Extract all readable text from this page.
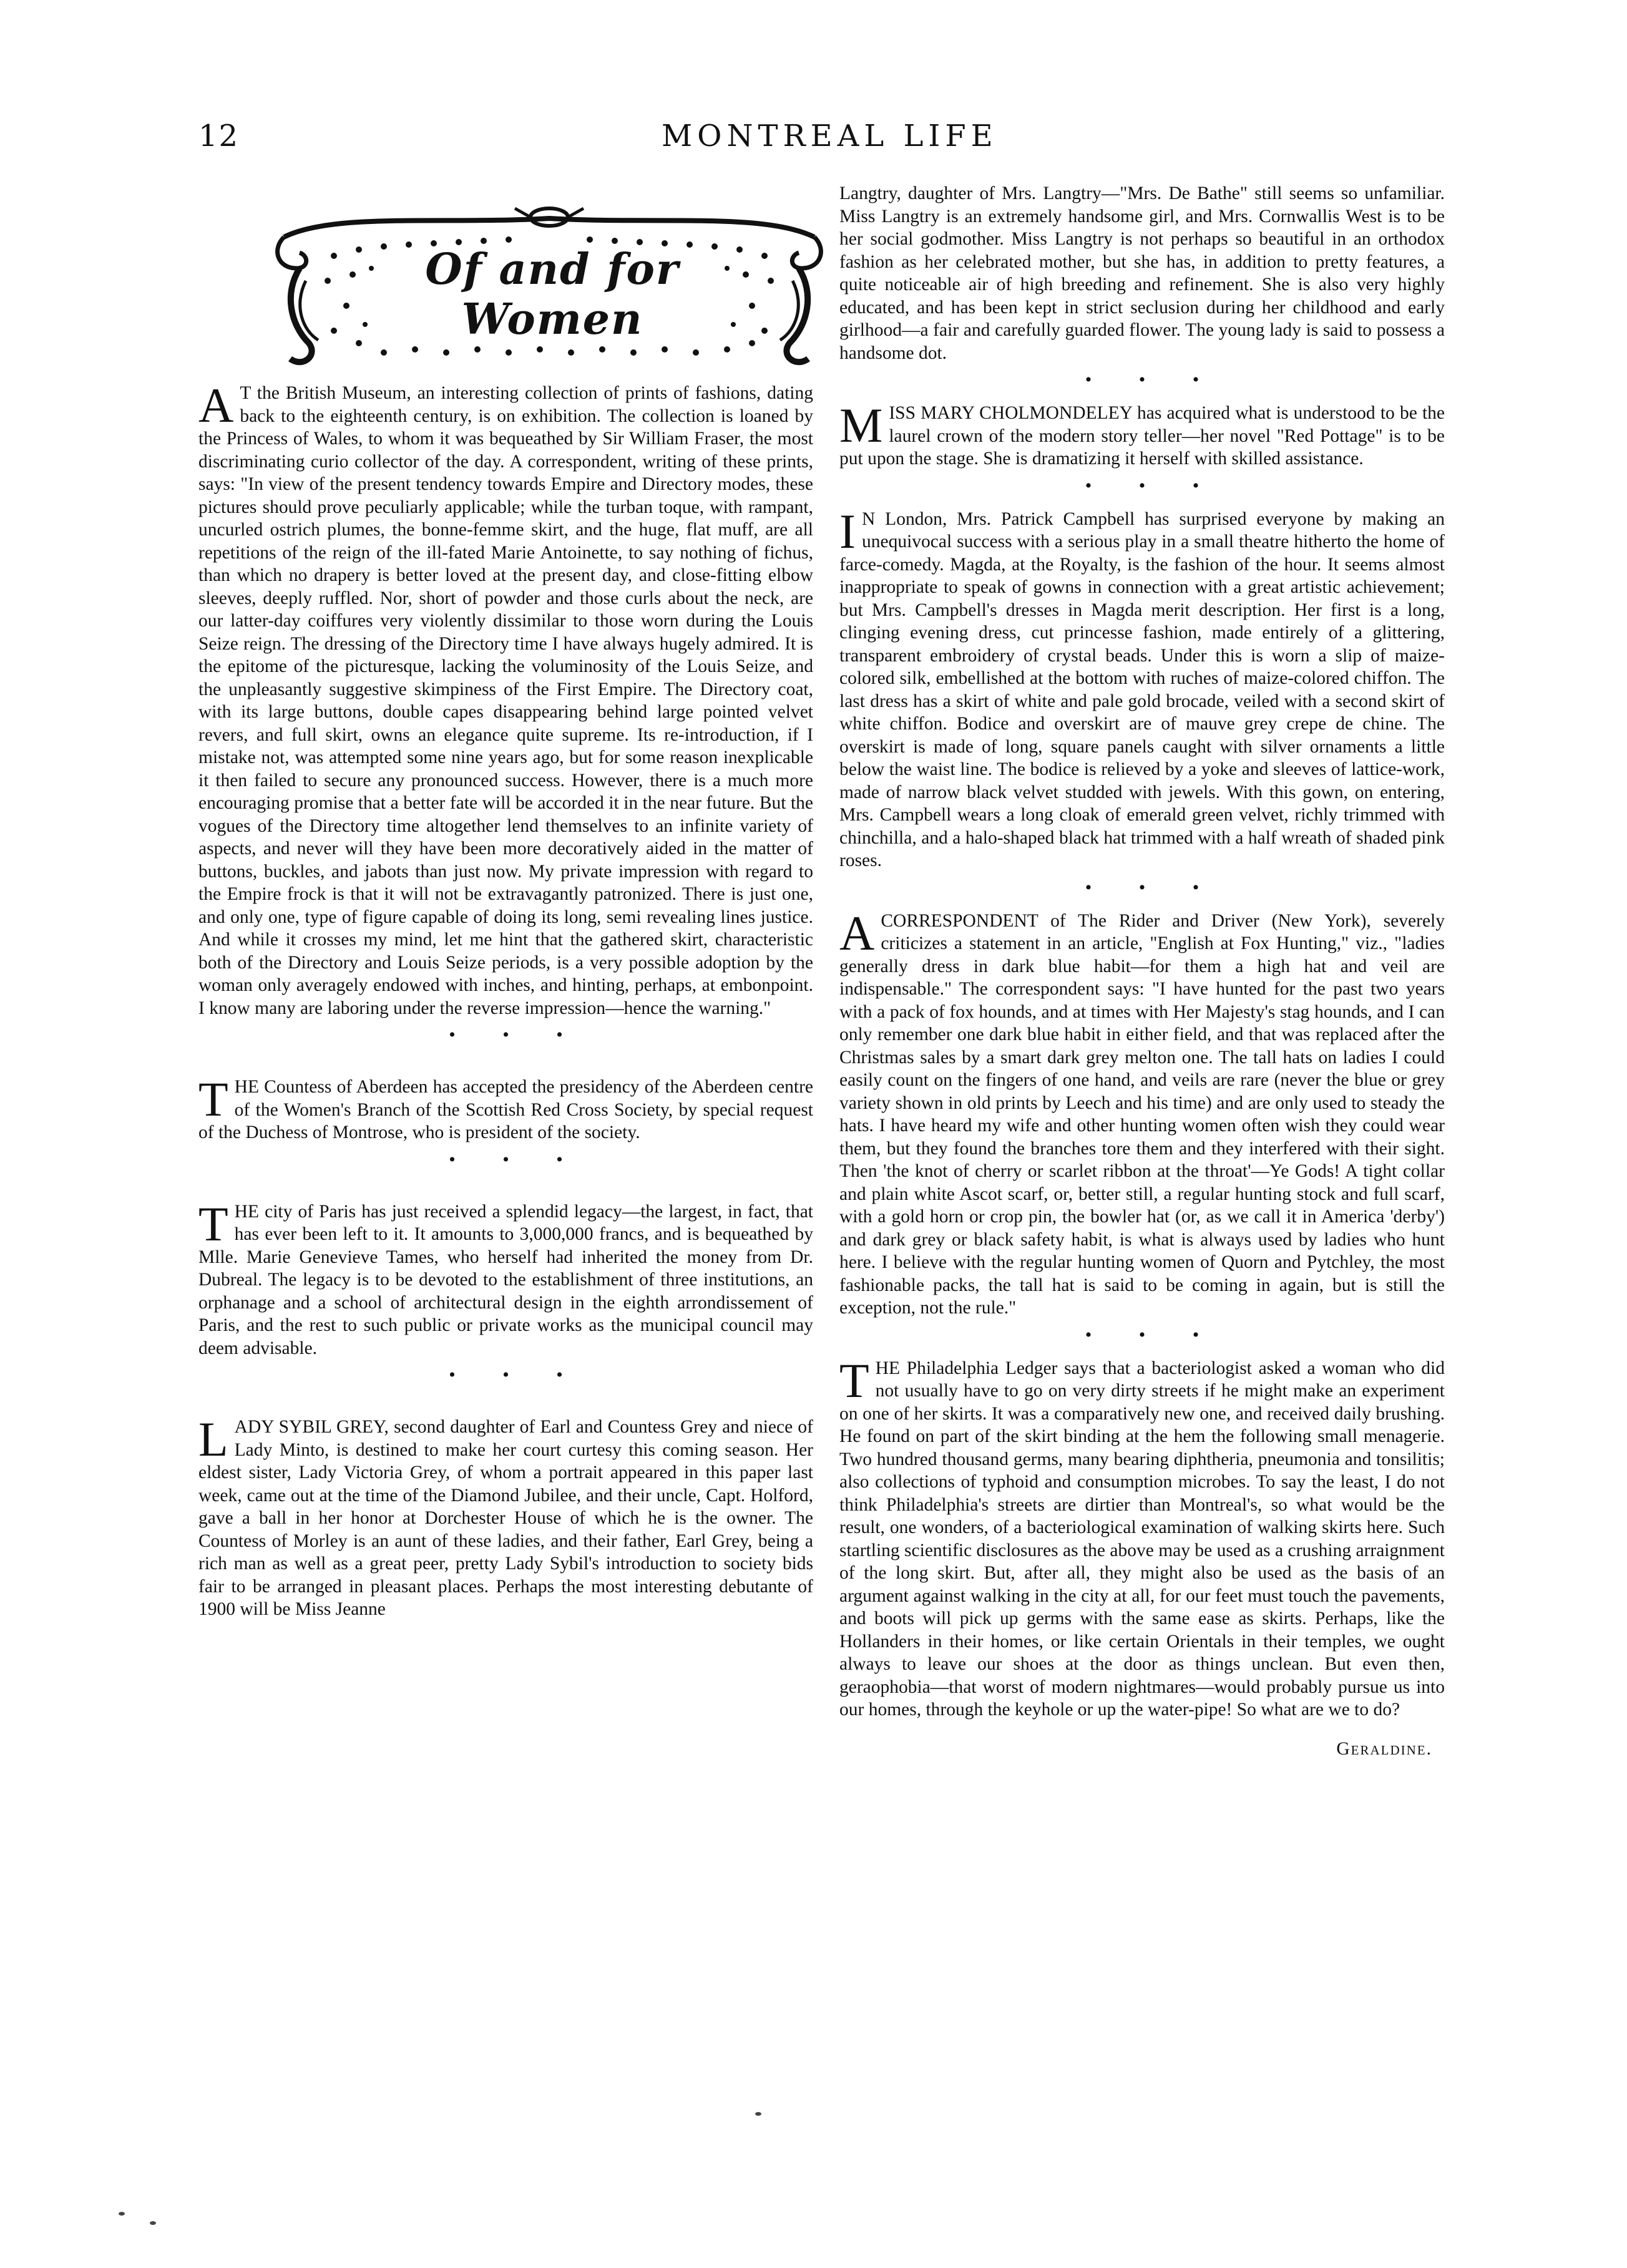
12	MONTREAL LIFE
Of and for Women

A T the British Museum, an interesting collection of prints of fashions, dating back to the eighteenth century, is on exhibition. The collection is loaned by the Princess of Wales, to whom it was bequeathed by Sir William Fraser, the most discriminating curio collector of the day. A correspondent, writing of these prints, says: "In view of the present tendency towards Empire and Directory modes, these pictures should prove peculiarly applicable; while the turban toque, with rampant, uncurled ostrich plumes, the bonne-femme skirt, and the huge, flat muff, are all repetitions of the reign of the ill-fated Marie Antoinette, to say nothing of fichus, than which no drapery is better loved at the present day, and close-fitting elbow sleeves, deeply ruffled. Nor, short of powder and those curls about the neck, are our latter-day coiffures very violently dissimilar to those worn during the Louis Seize reign. The dressing of the Directory time I have always hugely admired. It is the epitome of the picturesque, lacking the voluminosity of the Louis Seize, and the unpleasantly suggestive skimpiness of the First Empire. The Directory coat, with its large buttons, double capes disappearing behind large pointed velvet revers, and full skirt, owns an elegance quite supreme. Its re-introduction, if I mistake not, was attempted some nine years ago, but for some reason inexplicable it then failed to secure any pronounced success. However, there is a much more encouraging promise that a better fate will be accorded it in the near future. But the vogues of the Directory time altogether lend themselves to an infinite variety of aspects, and never will they have been more decoratively aided in the matter of buttons, buckles, and jabots than just now. My private impression with regard to the Empire frock is that it will not be extravagantly patronized. There is just one, and only one, type of figure capable of doing its long, semi revealing lines justice. And while it crosses my mind, let me hint that the gathered skirt, characteristic both of the Directory and Louis Seize periods, is a very possible adoption by the woman only averagely endowed with inches, and hinting, perhaps, at embonpoint. I know many are laboring under the reverse impression—hence the warning."

• • •

THE Countess of Aberdeen has accepted the presidency of the Aberdeen centre of the Women's Branch of the Scottish Red Cross Society, by special request of the Duchess of Montrose, who is president of the society.

• • •

THE city of Paris has just received a splendid legacy—the largest, in fact, that has ever been left to it. It amounts to 3,000,000 francs, and is bequeathed by Mlle. Marie Genevieve Tames, who herself had inherited the money from Dr. Dubreal. The legacy is to be devoted to the establishment of three institutions, an orphanage and a school of architectural design in the eighth arrondissement of Paris, and the rest to such public or private works as the municipal council may deem advisable.

• • •

LADY SYBIL GREY, second daughter of Earl and Countess Grey and niece of Lady Minto, is destined to make her court curtesy this coming season. Her eldest sister, Lady Victoria Grey, of whom a portrait appeared in this paper last week, came out at the time of the Diamond Jubilee, and their uncle, Capt. Holford, gave a ball in her honor at Dorchester House of which he is the owner. The Countess of Morley is an aunt of these ladies, and their father, Earl Grey, being a rich man as well as a great peer, pretty Lady Sybil's introduction to society bids fair to be arranged in pleasant places. Perhaps the most interesting debutante of 1900 will be Miss Jeanne

Langtry, daughter of Mrs. Langtry—"Mrs. De Bathe" still seems so unfamiliar. Miss Langtry is an extremely handsome girl, and Mrs. Cornwallis West is to be her social godmother. Miss Langtry is not perhaps so beautiful in an orthodox fashion as her celebrated mother, but she has, in addition to pretty features, a quite noticeable air of high breeding and refinement. She is also very highly educated, and has been kept in strict seclusion during her childhood and early girlhood—a fair and carefully guarded flower. The young lady is said to possess a handsome dot.

• • •

MISS MARY CHOLMONDELEY has acquired what is understood to be the laurel crown of the modern story teller—her novel "Red Pottage" is to be put upon the stage. She is dramatizing it herself with skilled assistance.

• • •

I N London, Mrs. Patrick Campbell has surprised everyone by making an unequivocal success with a serious play in a small theatre hitherto the home of farce-comedy. Magda, at the Royalty, is the fashion of the hour. It seems almost inappropriate to speak of gowns in connection with a great artistic achievement; but Mrs. Campbell's dresses in Magda merit description. Her first is a long, clinging evening dress, cut princesse fashion, made entirely of a glittering, transparent embroidery of crystal beads. Under this is worn a slip of maize-colored silk, embellished at the bottom with ruches of maize-colored chiffon. The last dress has a skirt of white and pale gold brocade, veiled with a second skirt of white chiffon. Bodice and overskirt are of mauve grey crepe de chine. The overskirt is made of long, square panels caught with silver ornaments a little below the waist line. The bodice is relieved by a yoke and sleeves of lattice-work, made of narrow black velvet studded with jewels. With this gown, on entering, Mrs. Campbell wears a long cloak of emerald green velvet, richly trimmed with chinchilla, and a halo-shaped black hat trimmed with a half wreath of shaded pink roses.

• • •

ACORRESPONDENT of The Rider and Driver (New York), severely criticizes a statement in an article, "English at Fox Hunting," viz., "ladies generally dress in dark blue habit—for them a high hat and veil are indispensable." The correspondent says: "I have hunted for the past two years with a pack of fox hounds, and at times with Her Majesty's stag hounds, and I can only remember one dark blue habit in either field, and that was replaced after the Christmas sales by a smart dark grey melton one. The tall hats on ladies I could easily count on the fingers of one hand, and veils are rare (never the blue or grey variety shown in old prints by Leech and his time) and are only used to steady the hats. I have heard my wife and other hunting women often wish they could wear them, but they found the branches tore them and they interfered with their sight. Then 'the knot of cherry or scarlet ribbon at the throat'—Ye Gods! A tight collar and plain white Ascot scarf, or, better still, a regular hunting stock and full scarf, with a gold horn or crop pin, the bowler hat (or, as we call it in America 'derby') and dark grey or black safety habit, is what is always used by ladies who hunt here. I believe with the regular hunting women of Quorn and Pytchley, the most fashionable packs, the tall hat is said to be coming in again, but is still the exception, not the rule."

• • •

THE Philadelphia Ledger says that a bacteriologist asked a woman who did not usually have to go on very dirty streets if he might make an experiment on one of her skirts. It was a comparatively new one, and received daily brushing. He found on part of the skirt binding at the hem the following small menagerie. Two hundred thousand germs, many bearing diphtheria, pneumonia and tonsilitis; also collections of typhoid and consumption microbes. To say the least, I do not think Philadelphia's streets are dirtier than Montreal's, so what would be the result, one wonders, of a bacteriological examination of walking skirts here. Such startling scientific disclosures as the above may be used as a crushing arraignment of the long skirt. But, after all, they might also be used as the basis of an argument against walking in the city at all, for our feet must touch the pavements, and boots will pick up germs with the same ease as skirts. Perhaps, like the Hollanders in their homes, or like certain Orientals in their temples, we ought always to leave our shoes at the door as things unclean. But even then, geraophobia—that worst of modern nightmares—would probably pursue us into our homes, through the keyhole or up the water-pipe! So what are we to do?

Geraldine.
